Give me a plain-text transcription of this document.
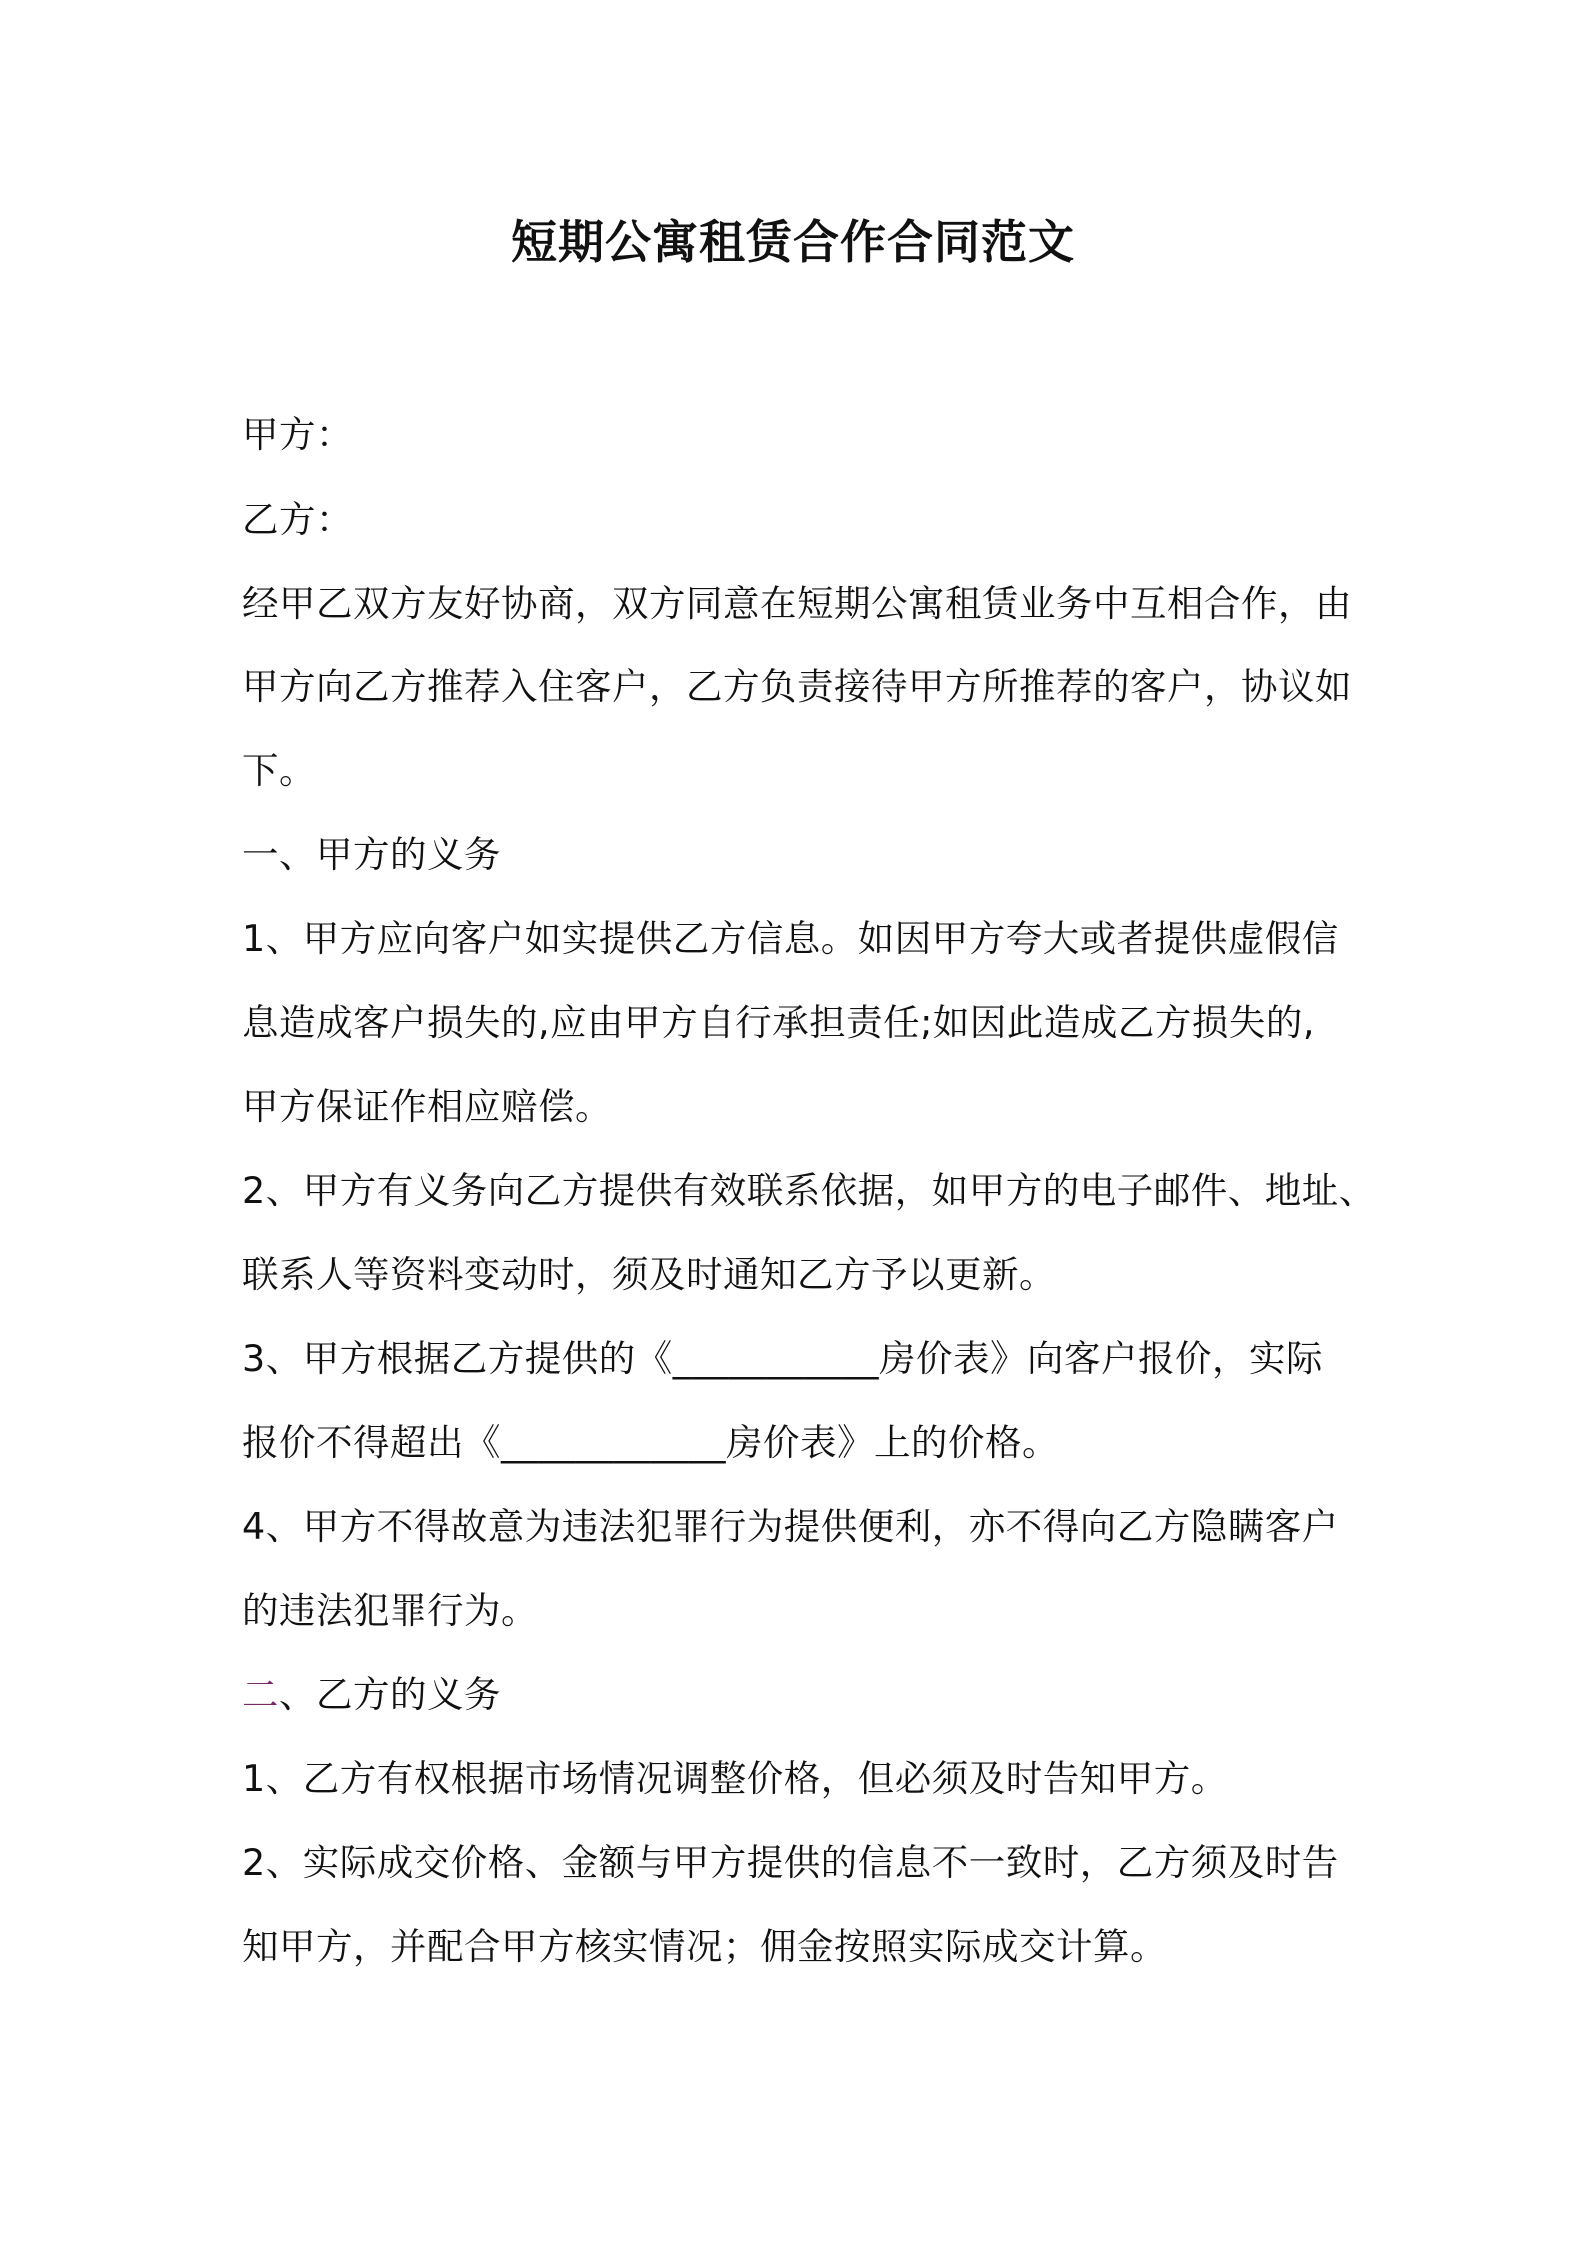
短期公寓租赁合作合同范文
甲方：
乙方：
经甲乙双方友好协商，双方同意在短期公寓租赁业务中互相合作，由
甲方向乙方推荐入住客户，乙方负责接待甲方所推荐的客户，协议如
下。
一、甲方的义务
1、甲方应向客户如实提供乙方信息。如因甲方夸大或者提供虚假信
息造成客户损失的,应由甲方自行承担责任;如因此造成乙方损失的,
甲方保证作相应赔偿。
2、甲方有义务向乙方提供有效联系依据，如甲方的电子邮件、地址、
联系人等资料变动时，须及时通知乙方予以更新。
3、甲方根据乙方提供的《___________房价表》向客户报价，实际
报价不得超出《____________房价表》上的价格。
4、甲方不得故意为违法犯罪行为提供便利，亦不得向乙方隐瞒客户
的违法犯罪行为。
二、乙方的义务
1、乙方有权根据市场情况调整价格，但必须及时告知甲方。
2、实际成交价格、金额与甲方提供的信息不一致时，乙方须及时告
知甲方，并配合甲方核实情况；佣金按照实际成交计算。
